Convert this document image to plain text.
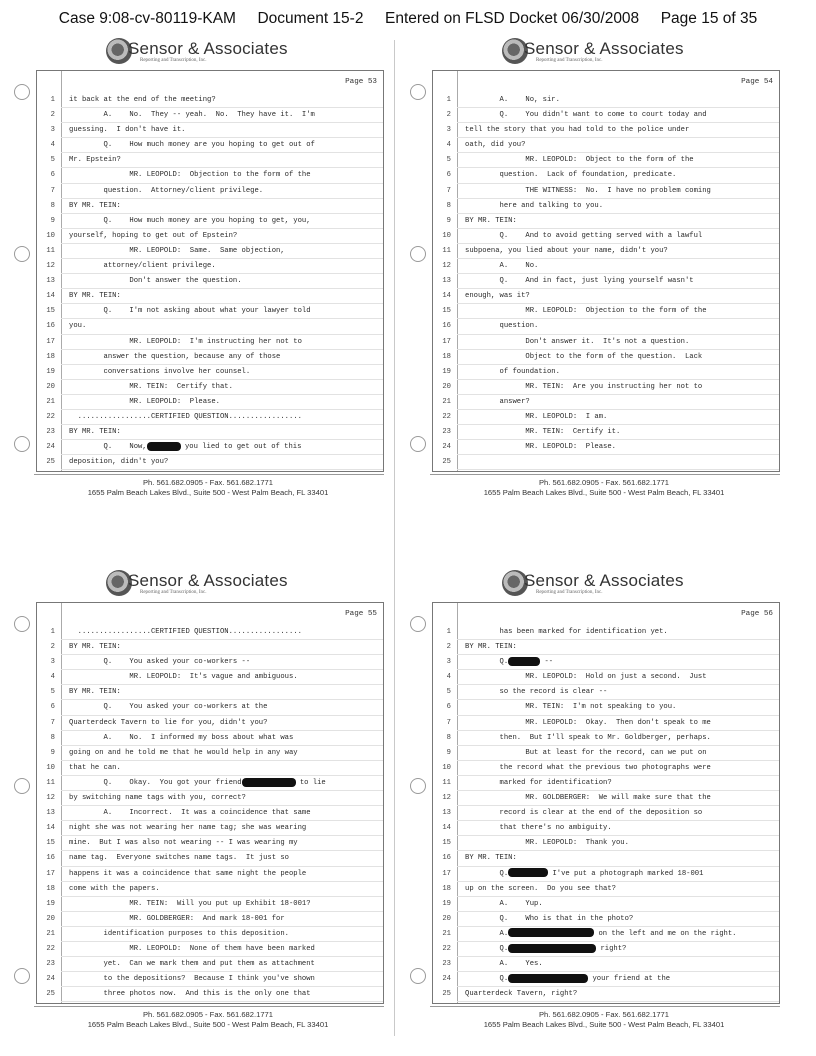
Case 9:08-cv-80119-KAM     Document 15-2     Entered on FLSD Docket 06/30/2008     Page 15 of 35
Sensor & Associates
Reporting and Transcription, Inc.
Page 53
1 it back at the end of the meeting?
2 A.    No.  They -- yeah.  No.  They have it.  I'm
3 guessing.  I don't have it.
4 Q.    How much money are you hoping to get out of
5 Mr. Epstein?
6 MR. LEOPOLD:  Objection to the form of the
7 question.  Attorney/client privilege.
8 BY MR. TEIN:
9 Q.    How much money are you hoping to get, you,
10 yourself, hoping to get out of Epstein?
11 MR. LEOPOLD:  Same.  Same objection,
12 attorney/client privilege.
13 Don't answer the question.
14 BY MR. TEIN:
15 Q.    I'm not asking about what your lawyer told
16 you.
17 MR. LEOPOLD:  I'm instructing her not to
18 answer the question, because any of those
19 conversations involve her counsel.
20 MR. TEIN:  Certify that.
21 MR. LEOPOLD:  Please.
22 .................CERTIFIED QUESTION.................
23 BY MR. TEIN:
24 Q.    Now,	you lied to get out of this
25 deposition, didn't you?
Ph. 561.682.0905 - Fax. 561.682.1771
1655 Palm Beach Lakes Blvd., Suite 500 - West Palm Beach, FL 33401
Sensor & Associates
Reporting and Transcription, Inc.
Page 54
1 A.    No, sir.
2 Q.    You didn't want to come to court today and
3 tell the story that you had told to the police under
4 oath, did you?
5 MR. LEOPOLD:  Object to the form of the
6 question.  Lack of foundation, predicate.
7 THE WITNESS:  No.  I have no problem coming
8 here and talking to you.
9 BY MR. TEIN:
10 Q.    And to avoid getting served with a lawful
11 subpoena, you lied about your name, didn't you?
12 A.    No.
13 Q.    And in fact, just lying yourself wasn't
14 enough, was it?
15 MR. LEOPOLD:  Objection to the form of the
16 question.
17 Don't answer it.  It's not a question.
18 Object to the form of the question.  Lack
19 of foundation.
20 MR. TEIN:  Are you instructing her not to
21 answer?
22 MR. LEOPOLD:  I am.
23 MR. TEIN:  Certify it.
24 MR. LEOPOLD:  Please.
25
Ph. 561.682.0905 - Fax. 561.682.1771
1655 Palm Beach Lakes Blvd., Suite 500 - West Palm Beach, FL 33401
Sensor & Associates
Reporting and Transcription, Inc.
Page 55
1 .................CERTIFIED QUESTION.................
2 BY MR. TEIN:
3 Q.    You asked your co-workers --
4 MR. LEOPOLD:  It's vague and ambiguous.
5 BY MR. TEIN:
6 Q.    You asked your co-workers at the
7 Quarterdeck Tavern to lie for you, didn't you?
8 A.    No.  I informed my boss about what was
9 going on and he told me that he would help in any way
10 that he can.
11 Q.    Okay.  You got your friend	to lie
12 by switching name tags with you, correct?
13 A.    Incorrect.  It was a coincidence that same
14 night she was not wearing her name tag; she was wearing
15 mine.  But I was also not wearing -- I was wearing my
16 name tag.  Everyone switches name tags.  It just so
17 happens it was a coincidence that same night the people
18 come with the papers.
19 MR. TEIN:  Will you put up Exhibit 18-001?
20 MR. GOLDBERGER:  And mark 18-001 for
21 identification purposes to this deposition.
22 MR. LEOPOLD:  None of them have been marked
23 yet.  Can we mark them and put them as attachment
24 to the depositions?  Because I think you've shown
25 three photos now.  And this is the only one that
Ph. 561.682.0905 - Fax. 561.682.1771
1655 Palm Beach Lakes Blvd., Suite 500 - West Palm Beach, FL 33401
Sensor & Associates
Reporting and Transcription, Inc.
Page 56
1 has been marked for identification yet.
2 BY MR. TEIN:
3 Q.	--
4 MR. LEOPOLD:  Hold on just a second.  Just
5 so the record is clear --
6 MR. TEIN:  I'm not speaking to you.
7 MR. LEOPOLD:  Okay.  Then don't speak to me
8 then.  But I'll speak to Mr. Goldberger, perhaps.
9 But at least for the record, can we put on
10 the record what the previous two photographs were
11 marked for identification?
12 MR. GOLDBERGER:  We will make sure that the
13 record is clear at the end of the deposition so
14 that there's no ambiguity.
15 MR. LEOPOLD:  Thank you.
16 BY MR. TEIN:
17 Q.	I've put a photograph marked 18-001
18 up on the screen.  Do you see that?
19 A.    Yup.
20 Q.    Who is that in the photo?
21 A.	on the left and me on the right.
22 Q.	right?
23 A.    Yes.
24 Q.	your friend at the
25 Quarterdeck Tavern, right?
Ph. 561.682.0905 - Fax. 561.682.1771
1655 Palm Beach Lakes Blvd., Suite 500 - West Palm Beach, FL 33401
